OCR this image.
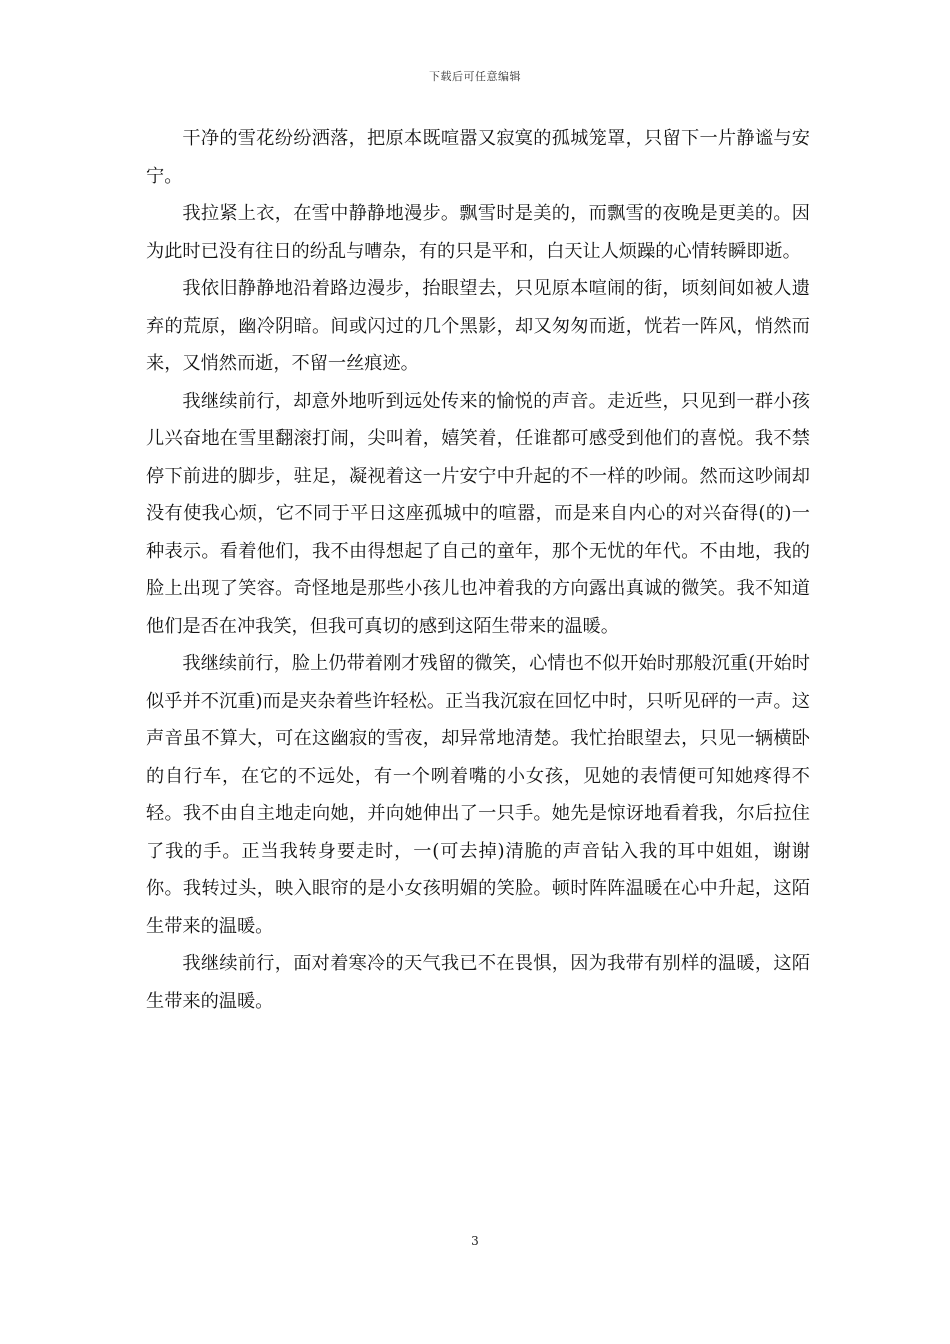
下载后可任意编辑

干净的雪花纷纷洒落，把原本既喧嚣又寂寞的孤城笼罩，只留下一片静谧与安宁。

我拉紧上衣，在雪中静静地漫步。飘雪时是美的，而飘雪的夜晚是更美的。因为此时已没有往日的纷乱与嘈杂，有的只是平和，白天让人烦躁的心情转瞬即逝。

我依旧静静地沿着路边漫步，抬眼望去，只见原本喧闹的街，顷刻间如被人遗弃的荒原，幽冷阴暗。间或闪过的几个黑影，却又匆匆而逝，恍若一阵风，悄然而来，又悄然而逝，不留一丝痕迹。

我继续前行，却意外地听到远处传来的愉悦的声音。走近些，只见到一群小孩儿兴奋地在雪里翻滚打闹，尖叫着，嬉笑着，任谁都可感受到他们的喜悦。我不禁停下前进的脚步，驻足，凝视着这一片安宁中升起的不一样的吵闹。然而这吵闹却没有使我心烦，它不同于平日这座孤城中的喧嚣，而是来自内心的对兴奋得(的)一种表示。看着他们，我不由得想起了自己的童年，那个无忧的年代。不由地，我的脸上出现了笑容。奇怪地是那些小孩儿也冲着我的方向露出真诚的微笑。我不知道他们是否在冲我笑，但我可真切的感到这陌生带来的温暖。

我继续前行，脸上仍带着刚才残留的微笑，心情也不似开始时那般沉重(开始时似乎并不沉重)而是夹杂着些许轻松。正当我沉寂在回忆中时，只听见砰的一声。这声音虽不算大，可在这幽寂的雪夜，却异常地清楚。我忙抬眼望去，只见一辆横卧的自行车，在它的不远处，有一个咧着嘴的小女孩，见她的表情便可知她疼得不轻。我不由自主地走向她，并向她伸出了一只手。她先是惊讶地看着我，尔后拉住了我的手。正当我转身要走时，一(可去掉)清脆的声音钻入我的耳中姐姐，谢谢你。我转过头，映入眼帘的是小女孩明媚的笑脸。顿时阵阵温暖在心中升起，这陌生带来的温暖。

我继续前行，面对着寒冷的天气我已不在畏惧，因为我带有别样的温暖，这陌生带来的温暖。

3
